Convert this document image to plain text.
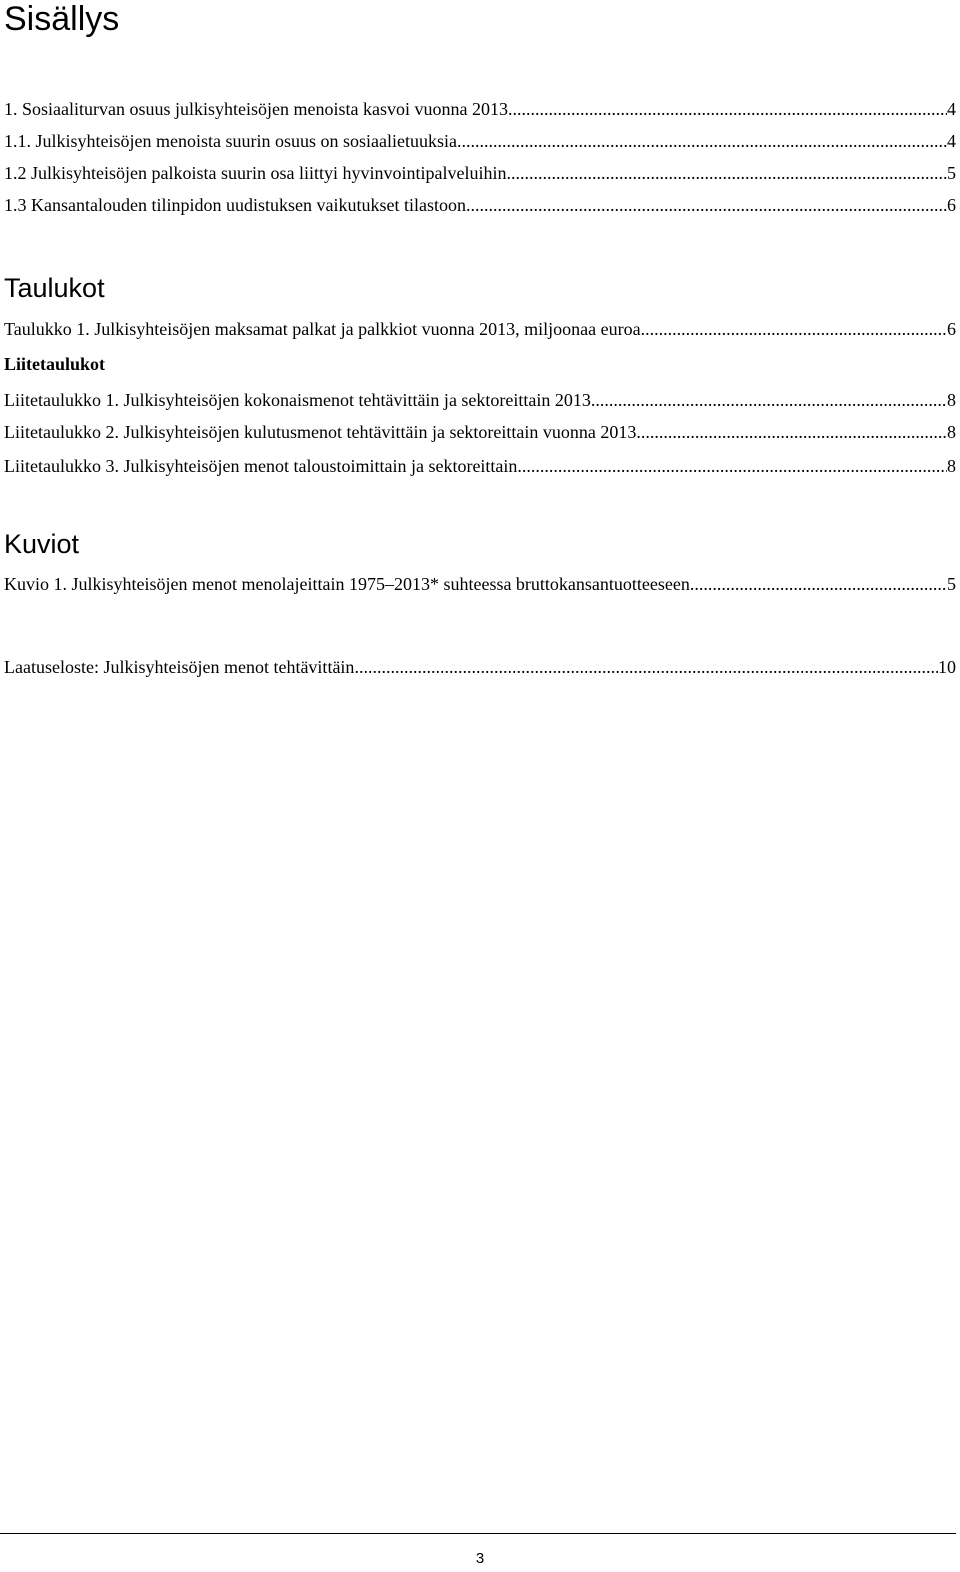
Sisällys
1. Sosiaaliturvan osuus julkisyhteisöjen menoista kasvoi vuonna 2013. .....	4
1.1. Julkisyhteisöjen menoista suurin osuus on sosiaalietuuksia. .....	4
1.2 Julkisyhteisöjen palkoista suurin osa liittyi hyvinvointipalveluihin. .....	5
1.3 Kansantalouden tilinpidon uudistuksen vaikutukset tilastoon. .....	6
Taulukot
Taulukko 1. Julkisyhteisöjen maksamat palkat ja palkkiot vuonna 2013, miljoonaa euroa .....	6
Liitetaulukot
Liitetaulukko 1. Julkisyhteisöjen kokonaismenot tehtävittäin ja sektoreittain 2013. .....	8
Liitetaulukko 2. Julkisyhteisöjen kulutusmenot tehtävittäin ja sektoreittain vuonna 2013. .....	8
Liitetaulukko 3. Julkisyhteisöjen menot taloustoimittain ja sektoreittain. .....	8
Kuviot
Kuvio 1. Julkisyhteisöjen menot menolajeittain 1975–2013* suhteessa bruttokansantuotteeseen. .....	5
Laatuseloste: Julkisyhteisöjen menot tehtävittäin .....	10
3
